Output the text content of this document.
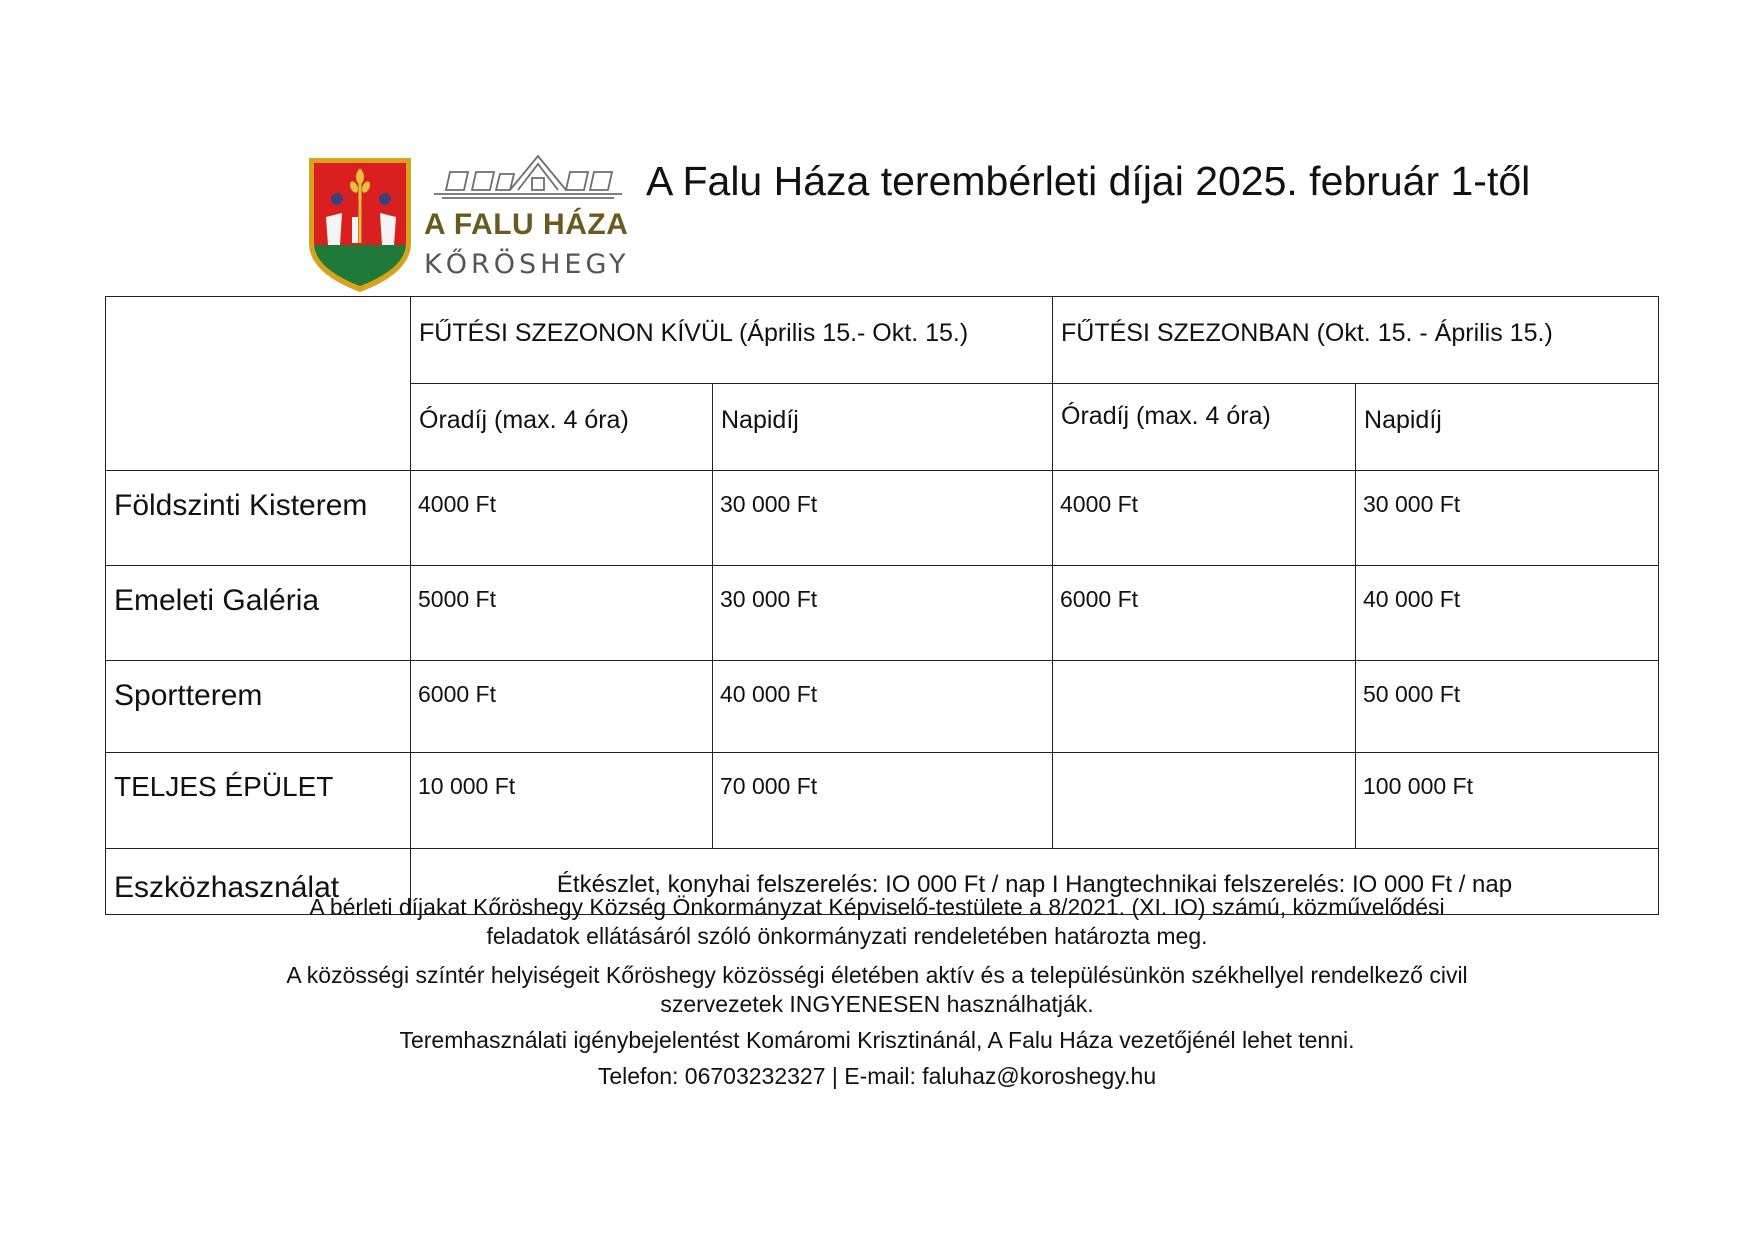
A FALU HÁZA
KŐRÖSHEGY
A Falu Háza terembérleti díjai 2025. február 1-től
	FŰTÉSI SZEZONON KÍVÜL (Április 15.- Okt. 15.)		FŰTÉSI SZEZONBAN (Okt. 15. - Április 15.)	
	Óradíj (max. 4 óra)	Napidíj	Óradíj (max. 4 óra)	Napidíj
Földszinti Kisterem	4000 Ft	30 000 Ft	4000 Ft	30 000 Ft
Emeleti Galéria	5000 Ft	30 000 Ft	6000 Ft	40 000 Ft
Sportterem	6000 Ft	40 000 Ft		50 000 Ft
TELJES ÉPÜLET	10 000 Ft	70 000 Ft		100 000 Ft
Eszközhasználat	Étkészlet, konyhai felszerelés: IO 000 Ft / nap I Hangtechnikai felszerelés: IO 000 Ft / nap			
A bérleti díjakat Kőröshegy Község Önkormányzat Képviselő-testülete a 8/2021. (XI. IO) számú, közművelődési
feladatok ellátásáról szóló önkormányzati rendeletében határozta meg.
A közösségi színtér helyiségeit Kőröshegy közösségi életében aktív és a településünkön székhellyel rendelkező civil
szervezetek INGYENESEN használhatják.
Teremhasználati igénybejelentést Komáromi Krisztinánál, A Falu Háza vezetőjénél lehet tenni.
Telefon: 06703232327 | E-mail: faluhaz@koroshegy.hu
